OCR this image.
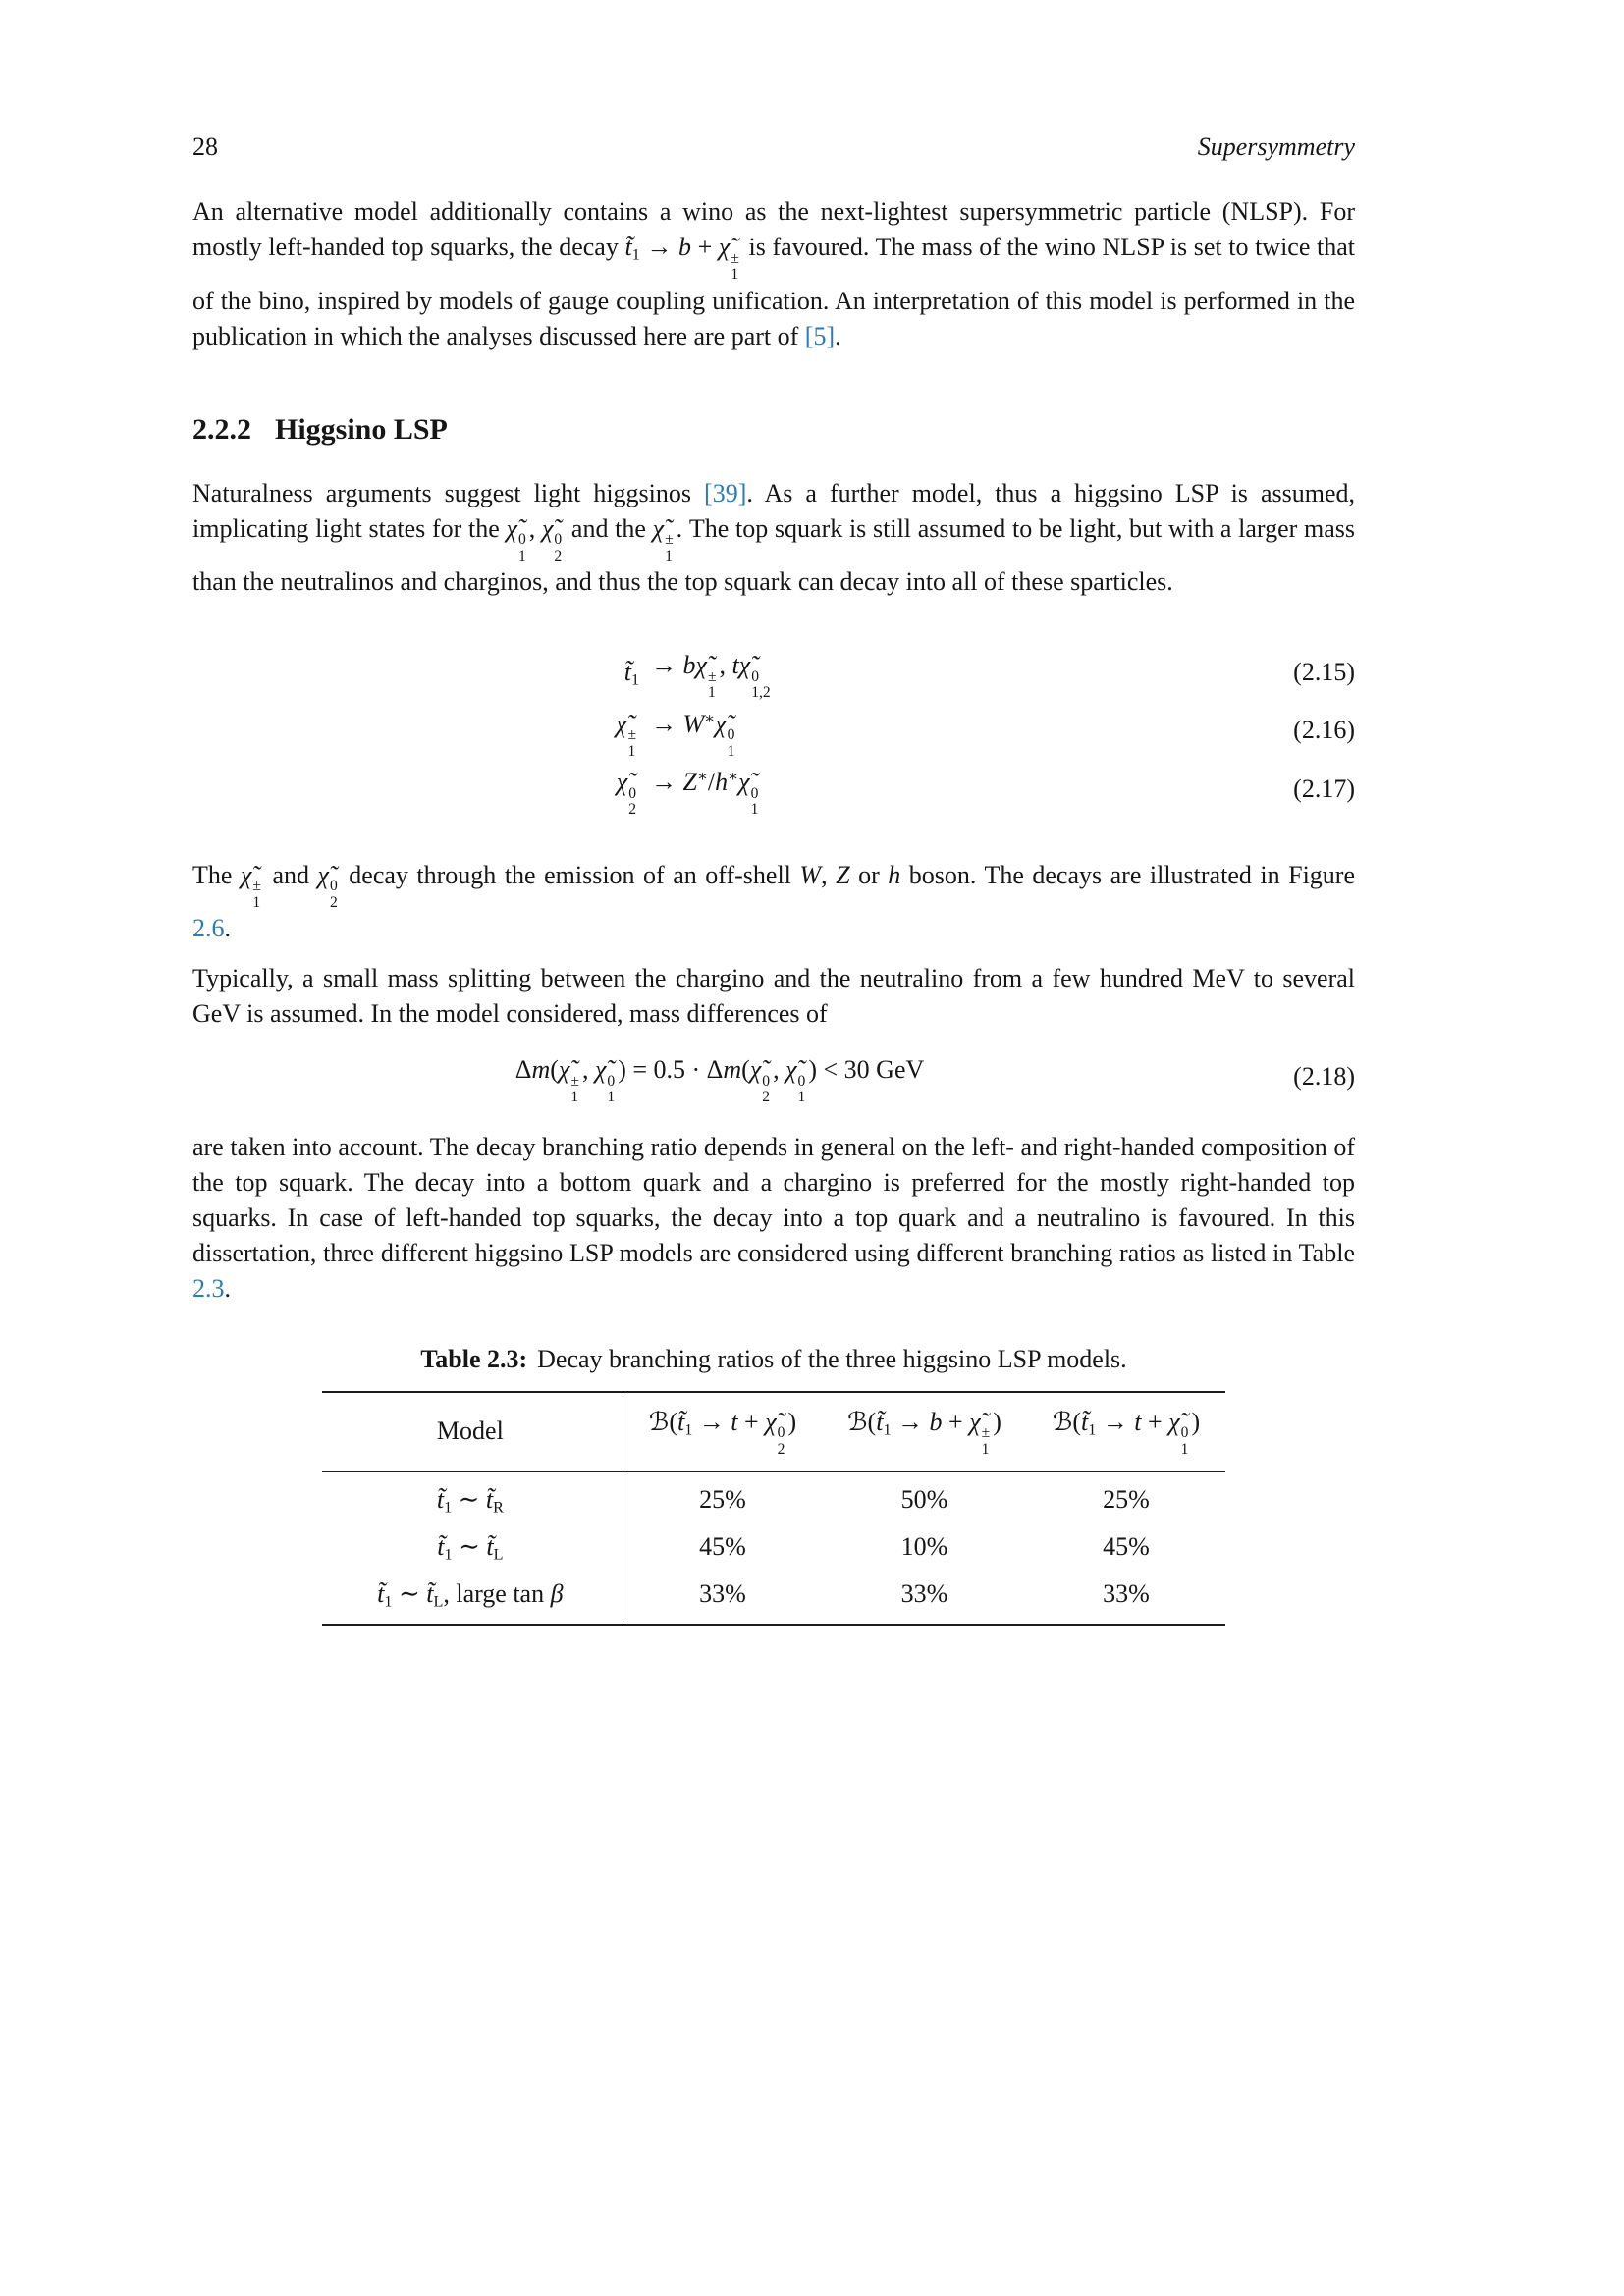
28	Supersymmetry

An alternative model additionally contains a wino as the next-lightest supersymmetric particle (NLSP). For mostly left-handed top squarks, the decay $t̃_1 \to b$ + χ̃ ±
1
is favoured. The mass of the wino NLSP is set to twice that of the bino, inspired by models of gauge coupling unification. An interpretation of this model is performed in the publication in which the analyses discussed here are part of [5].

2.2.2 Higgsino LSP

Naturalness arguments suggest light higgsinos [39]. As a further model, thus a higgsino LSP is assumed, implicating light states for the χ̃ 0
1
, χ̃ 0
2
and the χ̃ ±
1
. The top squark is still assumed to be light, but with a larger mass than the neutralinos and charginos, and thus the top squark can decay into all of these sparticles.

$t̃_1$
→ bχ̃ ±
1
, tχ̃ 0
1,2
(2.15)
χ̃ ±
1
→ W∗χ̃ 0
1
(2.16)
χ̃ 0
2
→ Z∗/h∗χ̃ 0
1
(2.17)

The χ̃ ±
1
and χ̃ 0
2
decay through the emission of an off-shell W, Z or h boson. The decays are illustrated in Figure 2.6.

Typically, a small mass splitting between the chargino and the neutralino from a few hundred MeV to several GeV is assumed. In the model considered, mass differences of

Δm(χ̃ ±
1
, χ̃ 0
1
) = 0.5 · Δm(χ̃ 0
2
, χ̃ 0
1
) < 30 GeV	(2.18)

are taken into account. The decay branching ratio depends in general on the left- and right-handed composition of the top squark. The decay into a bottom quark and a chargino is preferred for the mostly right-handed top squarks. In case of left-handed top squarks, the decay into a top quark and a neutralino is favoured. In this dissertation, three different higgsino LSP models are considered using different branching ratios as listed in Table 2.3.

Table 2.3: Decay branching ratios of the three higgsino LSP models.
Model	$ℬ(t̃_1 \to t$ + χ̃ 0
2
)	$ℬ(t̃_1 \to b$ + χ̃ ±
1
)	$ℬ(t̃_1 \to t$ + χ̃ 0
1
)
$t̃_1$ ∼ $t̃_R$	25%	50%	25%
$t̃_1$ ∼ $t̃_L$	45%	10%	45%
$t̃_1$ ∼ $t̃_L$, large tan β	33%	33%	33%
